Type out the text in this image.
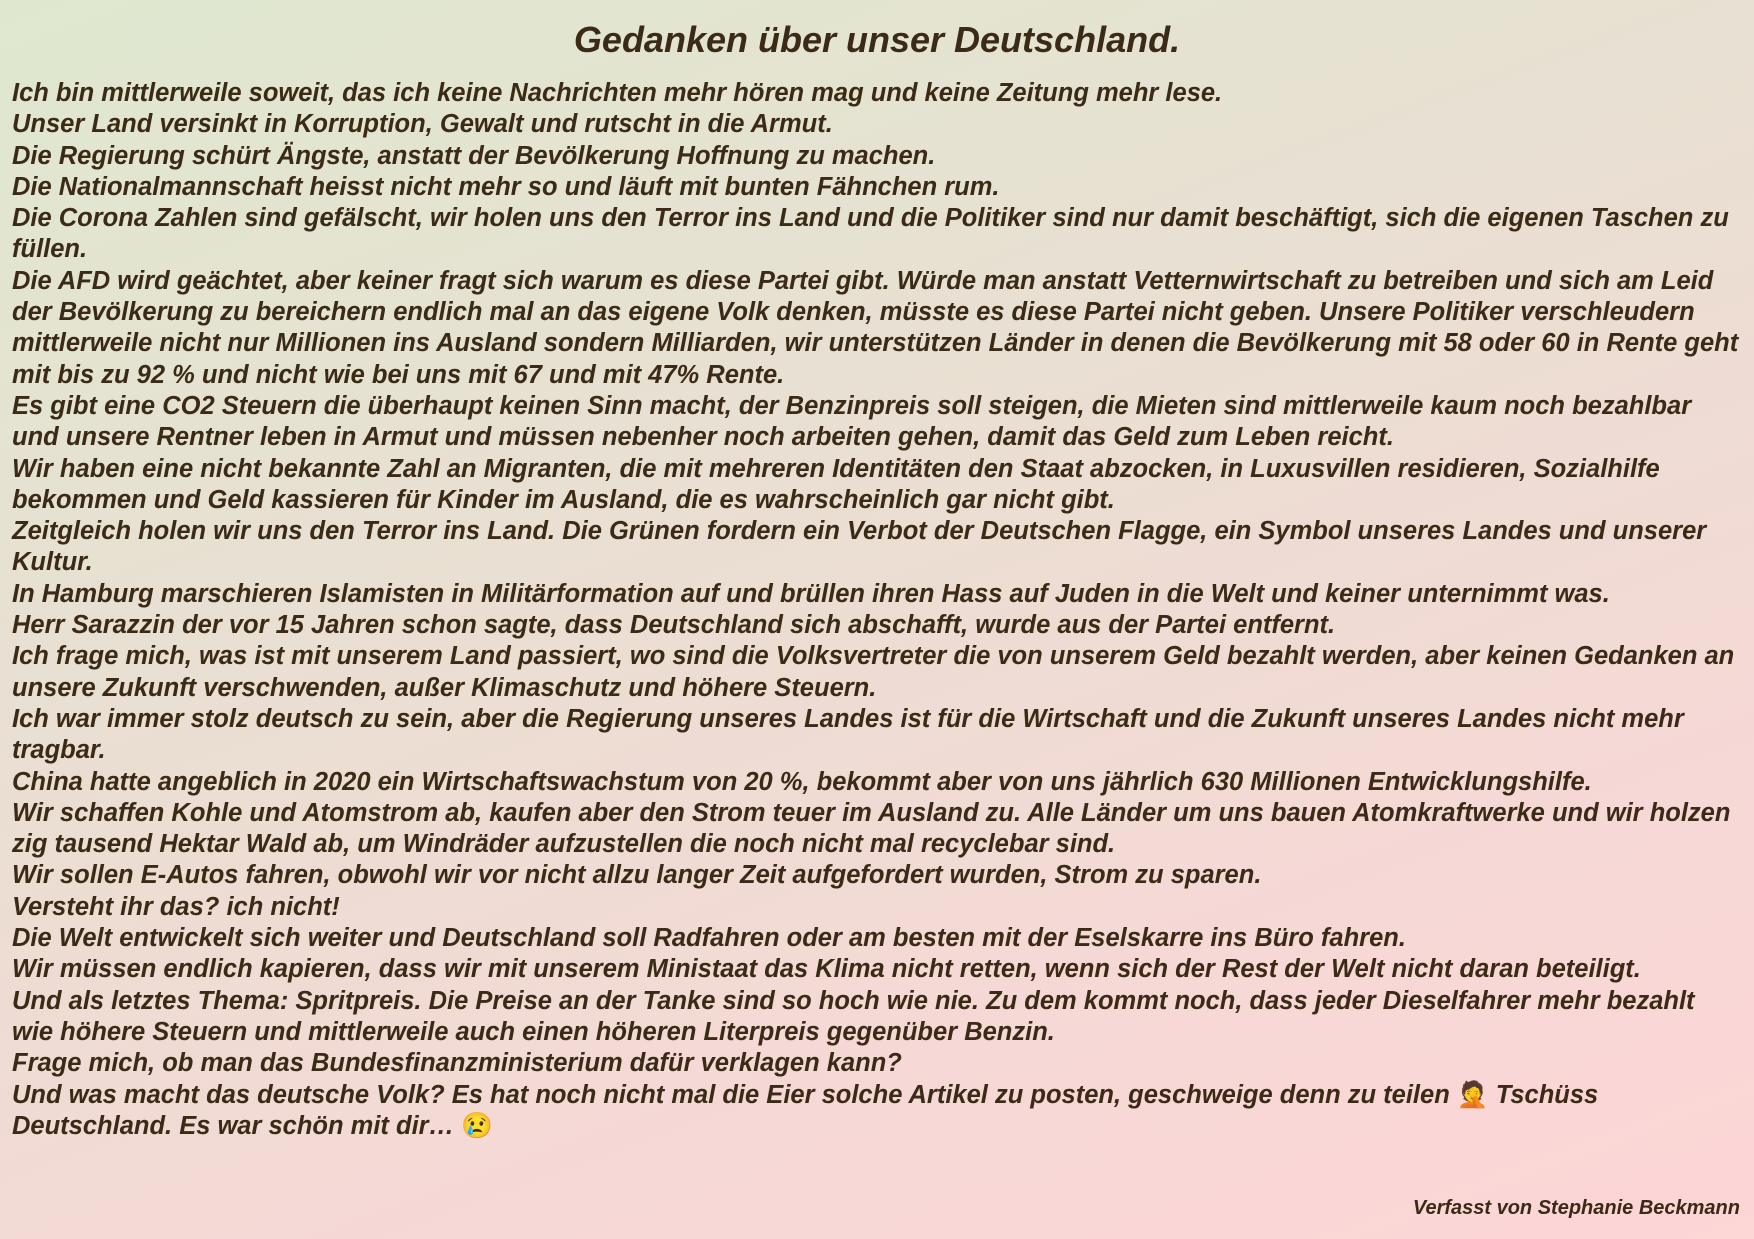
Gedanken über unser Deutschland.

Ich bin mittlerweile soweit, das ich keine Nachrichten mehr hören mag und keine Zeitung mehr lese.

Unser Land versinkt in Korruption, Gewalt und rutscht in die Armut.

Die Regierung schürt Ängste, anstatt der Bevölkerung Hoffnung zu machen.

Die Nationalmannschaft heisst nicht mehr so und läuft mit bunten Fähnchen rum.

Die Corona Zahlen sind gefälscht, wir holen uns den Terror ins Land und die Politiker sind nur damit beschäftigt, sich die eigenen Taschen zu füllen.

Die AFD wird geächtet, aber keiner fragt sich warum es diese Partei gibt. Würde man anstatt Vetternwirtschaft zu betreiben und sich am Leid der Bevölkerung zu bereichern endlich mal an das eigene Volk denken, müsste es diese Partei nicht geben. Unsere Politiker verschleudern mittlerweile nicht nur Millionen ins Ausland sondern Milliarden, wir unterstützen Länder in denen die Bevölkerung mit 58 oder 60 in Rente geht mit bis zu 92 % und nicht wie bei uns mit 67 und mit 47% Rente.

Es gibt eine CO2 Steuern die überhaupt keinen Sinn macht, der Benzinpreis soll steigen, die Mieten sind mittlerweile kaum noch bezahlbar und unsere Rentner leben in Armut und müssen nebenher noch arbeiten gehen, damit das Geld zum Leben reicht.

Wir haben eine nicht bekannte Zahl an Migranten, die mit mehreren Identitäten den Staat abzocken, in Luxusvillen residieren, Sozialhilfe bekommen und Geld kassieren für Kinder im Ausland, die es wahrscheinlich gar nicht gibt.

Zeitgleich holen wir uns den Terror ins Land. Die Grünen fordern ein Verbot der Deutschen Flagge, ein Symbol unseres Landes und unserer Kultur.

In Hamburg marschieren Islamisten in Militärformation auf und brüllen ihren Hass auf Juden in die Welt und keiner unternimmt was.

Herr Sarazzin der vor 15 Jahren schon sagte, dass Deutschland sich abschafft, wurde aus der Partei entfernt.

Ich frage mich, was ist mit unserem Land passiert, wo sind die Volksvertreter die von unserem Geld bezahlt werden, aber keinen Gedanken an unsere Zukunft verschwenden, außer Klimaschutz und höhere Steuern.

Ich war immer stolz deutsch zu sein, aber die Regierung unseres Landes ist für die Wirtschaft und die Zukunft unseres Landes nicht mehr tragbar.

China hatte angeblich in 2020 ein Wirtschaftswachstum von 20 %, bekommt aber von uns jährlich 630 Millionen Entwicklungshilfe.

Wir schaffen Kohle und Atomstrom ab, kaufen aber den Strom teuer im Ausland zu. Alle Länder um uns bauen Atomkraftwerke und wir holzen zig tausend Hektar Wald ab, um Windräder aufzustellen die noch nicht mal recyclebar sind.

Wir sollen E-Autos fahren, obwohl wir vor nicht allzu langer Zeit aufgefordert wurden, Strom zu sparen.

Versteht ihr das? ich nicht!

Die Welt entwickelt sich weiter und Deutschland soll Radfahren oder am besten mit der Eselskarre ins Büro fahren.

Wir müssen endlich kapieren, dass wir mit unserem Ministaat das Klima nicht retten, wenn sich der Rest der Welt nicht daran beteiligt.

Und als letztes Thema: Spritpreis. Die Preise an der Tanke sind so hoch wie nie. Zu dem kommt noch, dass jeder Dieselfahrer mehr bezahlt wie höhere Steuern und mittlerweile auch einen höheren Literpreis gegenüber Benzin.

Frage mich, ob man das Bundesfinanzministerium dafür verklagen kann?

Und was macht das deutsche Volk? Es hat noch nicht mal die Eier solche Artikel zu posten, geschweige denn zu teilen 🤦 Tschüss Deutschland. Es war schön mit dir… 😢

Verfasst von Stephanie Beckmann
